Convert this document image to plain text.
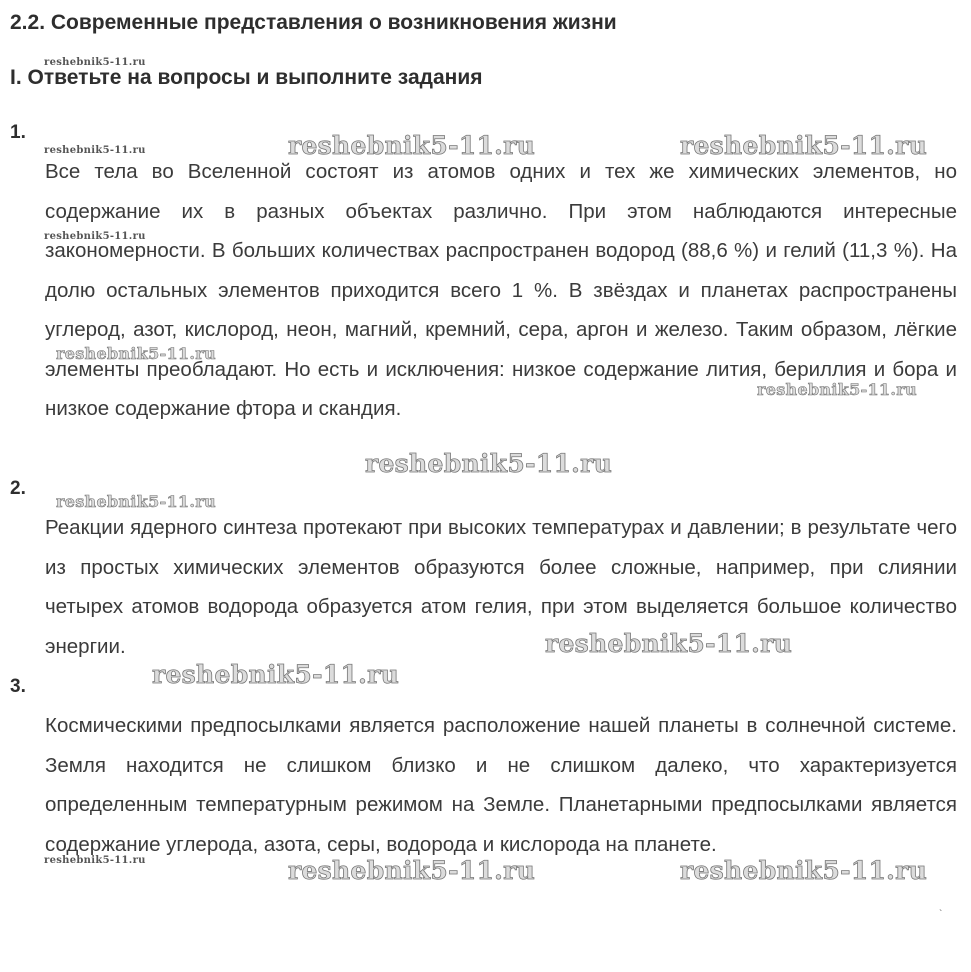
2.2. Современные представления о возникновения жизни
I. Ответьте на вопросы и выполните задания
1.

Все тела во Вселенной состоят из атомов одних и тех же химических элементов, но содержание их в разных объектах различно. При этом наблюдаются интересные закономерности. В больших количествах распространен водород (88,6 %) и гелий (11,3 %). На долю остальных элементов приходится всего 1 %. В звёздах и планетах распространены углерод, азот, кислород, неон, магний, кремний, сера, аргон и железо. Таким образом, лёгкие элементы преобладают. Но есть и исключения: низкое содержание лития, бериллия и бора и низкое содержание фтора и скандия.

2.

Реакции ядерного синтеза протекают при высоких температурах и давлении; в результате чего из простых химических элементов образуются более сложные, например, при слиянии четырех атомов водорода образуется атом гелия, при этом выделяется большое количество энергии.

3.

Космическими предпосылками является расположение нашей планеты в солнечной системе. Земля находится не слишком близко и не слишком далеко, что характеризуется определенным температурным режимом на Земле. Планетарными предпосылками является содержание углерода, азота, серы, водорода и кислорода на планете.

reshebnik5-11.ru
reshebnik5-11.ru	reshebnik5-11.ru	reshebnik5-11.ru
reshebnik5-11.ru
reshebnik5-11.ru
reshebnik5-11.ru
reshebnik5-11.ru
reshebnik5-11.ru
reshebnik5-11.ru
reshebnik5-11.ru
reshebnik5-11.ru	reshebnik5-11.ru	reshebnik5-11.ru
`
